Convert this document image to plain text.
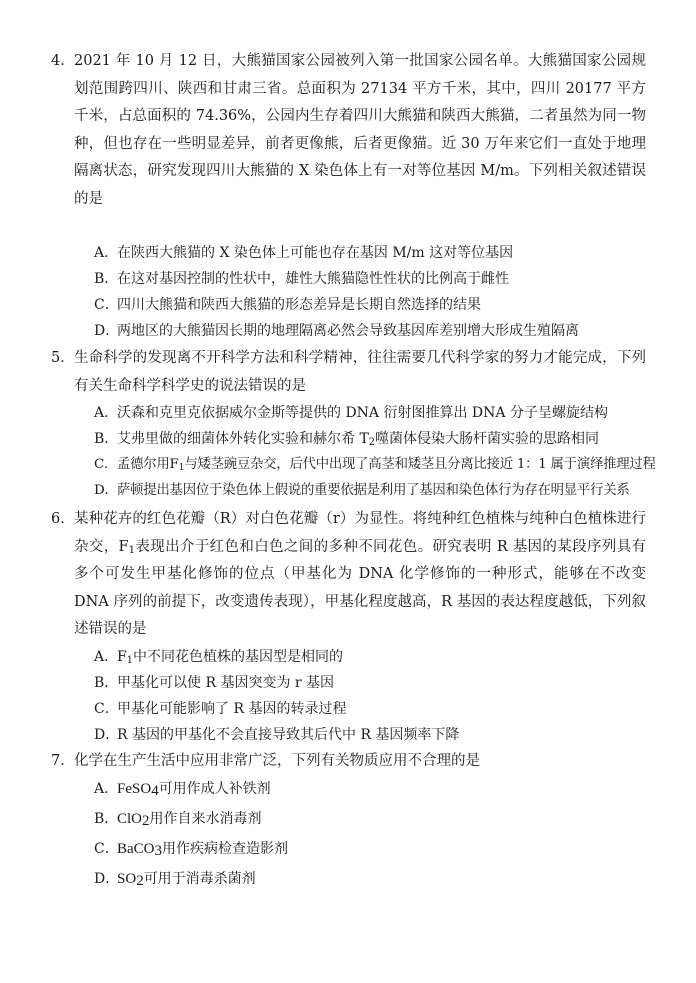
4． 2021 年 10 月 12 日，大熊猫国家公园被列入第一批国家公园名单。大熊猫国家公园规划范围跨四川、陕西和甘肃三省。总面积为 27134 平方千米，其中，四川 20177 平方千米，占总面积的 74.36%，公园内生存着四川大熊猫和陕西大熊猫，二者虽然为同一物种，但也存在一些明显差异，前者更像熊，后者更像猫。近 30 万年来它们一直处于地理隔离状态，研究发现四川大熊猫的 X 染色体上有一对等位基因 M/m。下列相关叙述错误的是
A．在陕西大熊猫的 X 染色体上可能也存在基因 M/m 这对等位基因
B．在这对基因控制的性状中，雄性大熊猫隐性性状的比例高于雌性
C．四川大熊猫和陕西大熊猫的形态差异是长期自然选择的结果
D．两地区的大熊猫因长期的地理隔离必然会导致基因库差别增大形成生殖隔离
5． 生命科学的发现离不开科学方法和科学精神，往往需要几代科学家的努力才能完成，下列有关生命科学科学史的说法错误的是
A．沃森和克里克依据威尔金斯等提供的 DNA 衍射图推算出 DNA 分子呈螺旋结构
B．艾弗里做的细菌体外转化实验和赫尔希 $T_2$噬菌体侵染大肠杆菌实验的思路相同
C．孟德尔用$F_1$与矮茎豌豆杂交，后代中出现了高茎和矮茎且分离比接近 1：1 属于演绎推理过程
D．萨顿提出基因位于染色体上假说的重要依据是利用了基因和染色体行为存在明显平行关系
6． 某种花卉的红色花瓣（R）对白色花瓣（r）为显性。将纯种红色植株与纯种白色植株进行杂交，$F_1$表现出介于红色和白色之间的多种不同花色。研究表明 R 基因的某段序列具有多个可发生甲基化修饰的位点（甲基化为 DNA 化学修饰的一种形式，能够在不改变 DNA 序列的前提下，改变遗传表现），甲基化程度越高，R 基因的表达程度越低，下列叙述错误的是
A．$F_1$中不同花色植株的基因型是相同的
B．甲基化可以使 R 基因突变为 r 基因
C．甲基化可能影响了 R 基因的转录过程
D．R 基因的甲基化不会直接导致其后代中 R 基因频率下降
7． 化学在生产生活中应用非常广泛，下列有关物质应用不合理的是
A．FeSO$_4$可用作成人补铁剂
B．ClO$_2$用作自来水消毒剂
C．BaCO$_3$用作疾病检查造影剂
D．$SO_2$可用于消毒杀菌剂
